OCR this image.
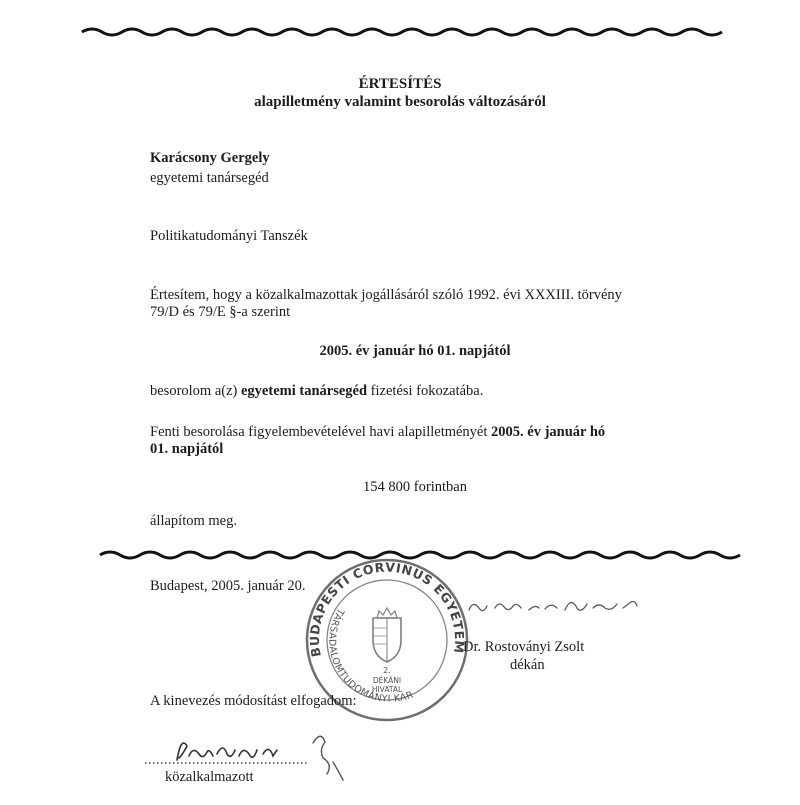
ÉRTESÍTÉS
alapilletmény valamint besorolás változásáról
Karácsony Gergely
egyetemi tanársegéd
Politikatudományi Tanszék
Értesítem, hogy a közalkalmazottak jogállásáról szóló 1992. évi XXXIII. törvény
79/D és 79/E §-a szerint
2005. év január hó 01. napjától
besorolom a(z) egyetemi tanársegéd fizetési fokozatába.
Fenti besorolása figyelembevételével havi alapilletményét 2005. év január hó
01. napjától
154 800 forintban
állapítom meg.
Budapest, 2005. január 20.
BUDAPESTI CORVINUS EGYETEM
TÁRSADALOMTUDOMÁNYI KAR
2.
DÉKÁNI
HIVATAL
Dr. Rostoványi Zsolt
dékán
A kinevezés módosítást elfogadom:
közalkalmazott
